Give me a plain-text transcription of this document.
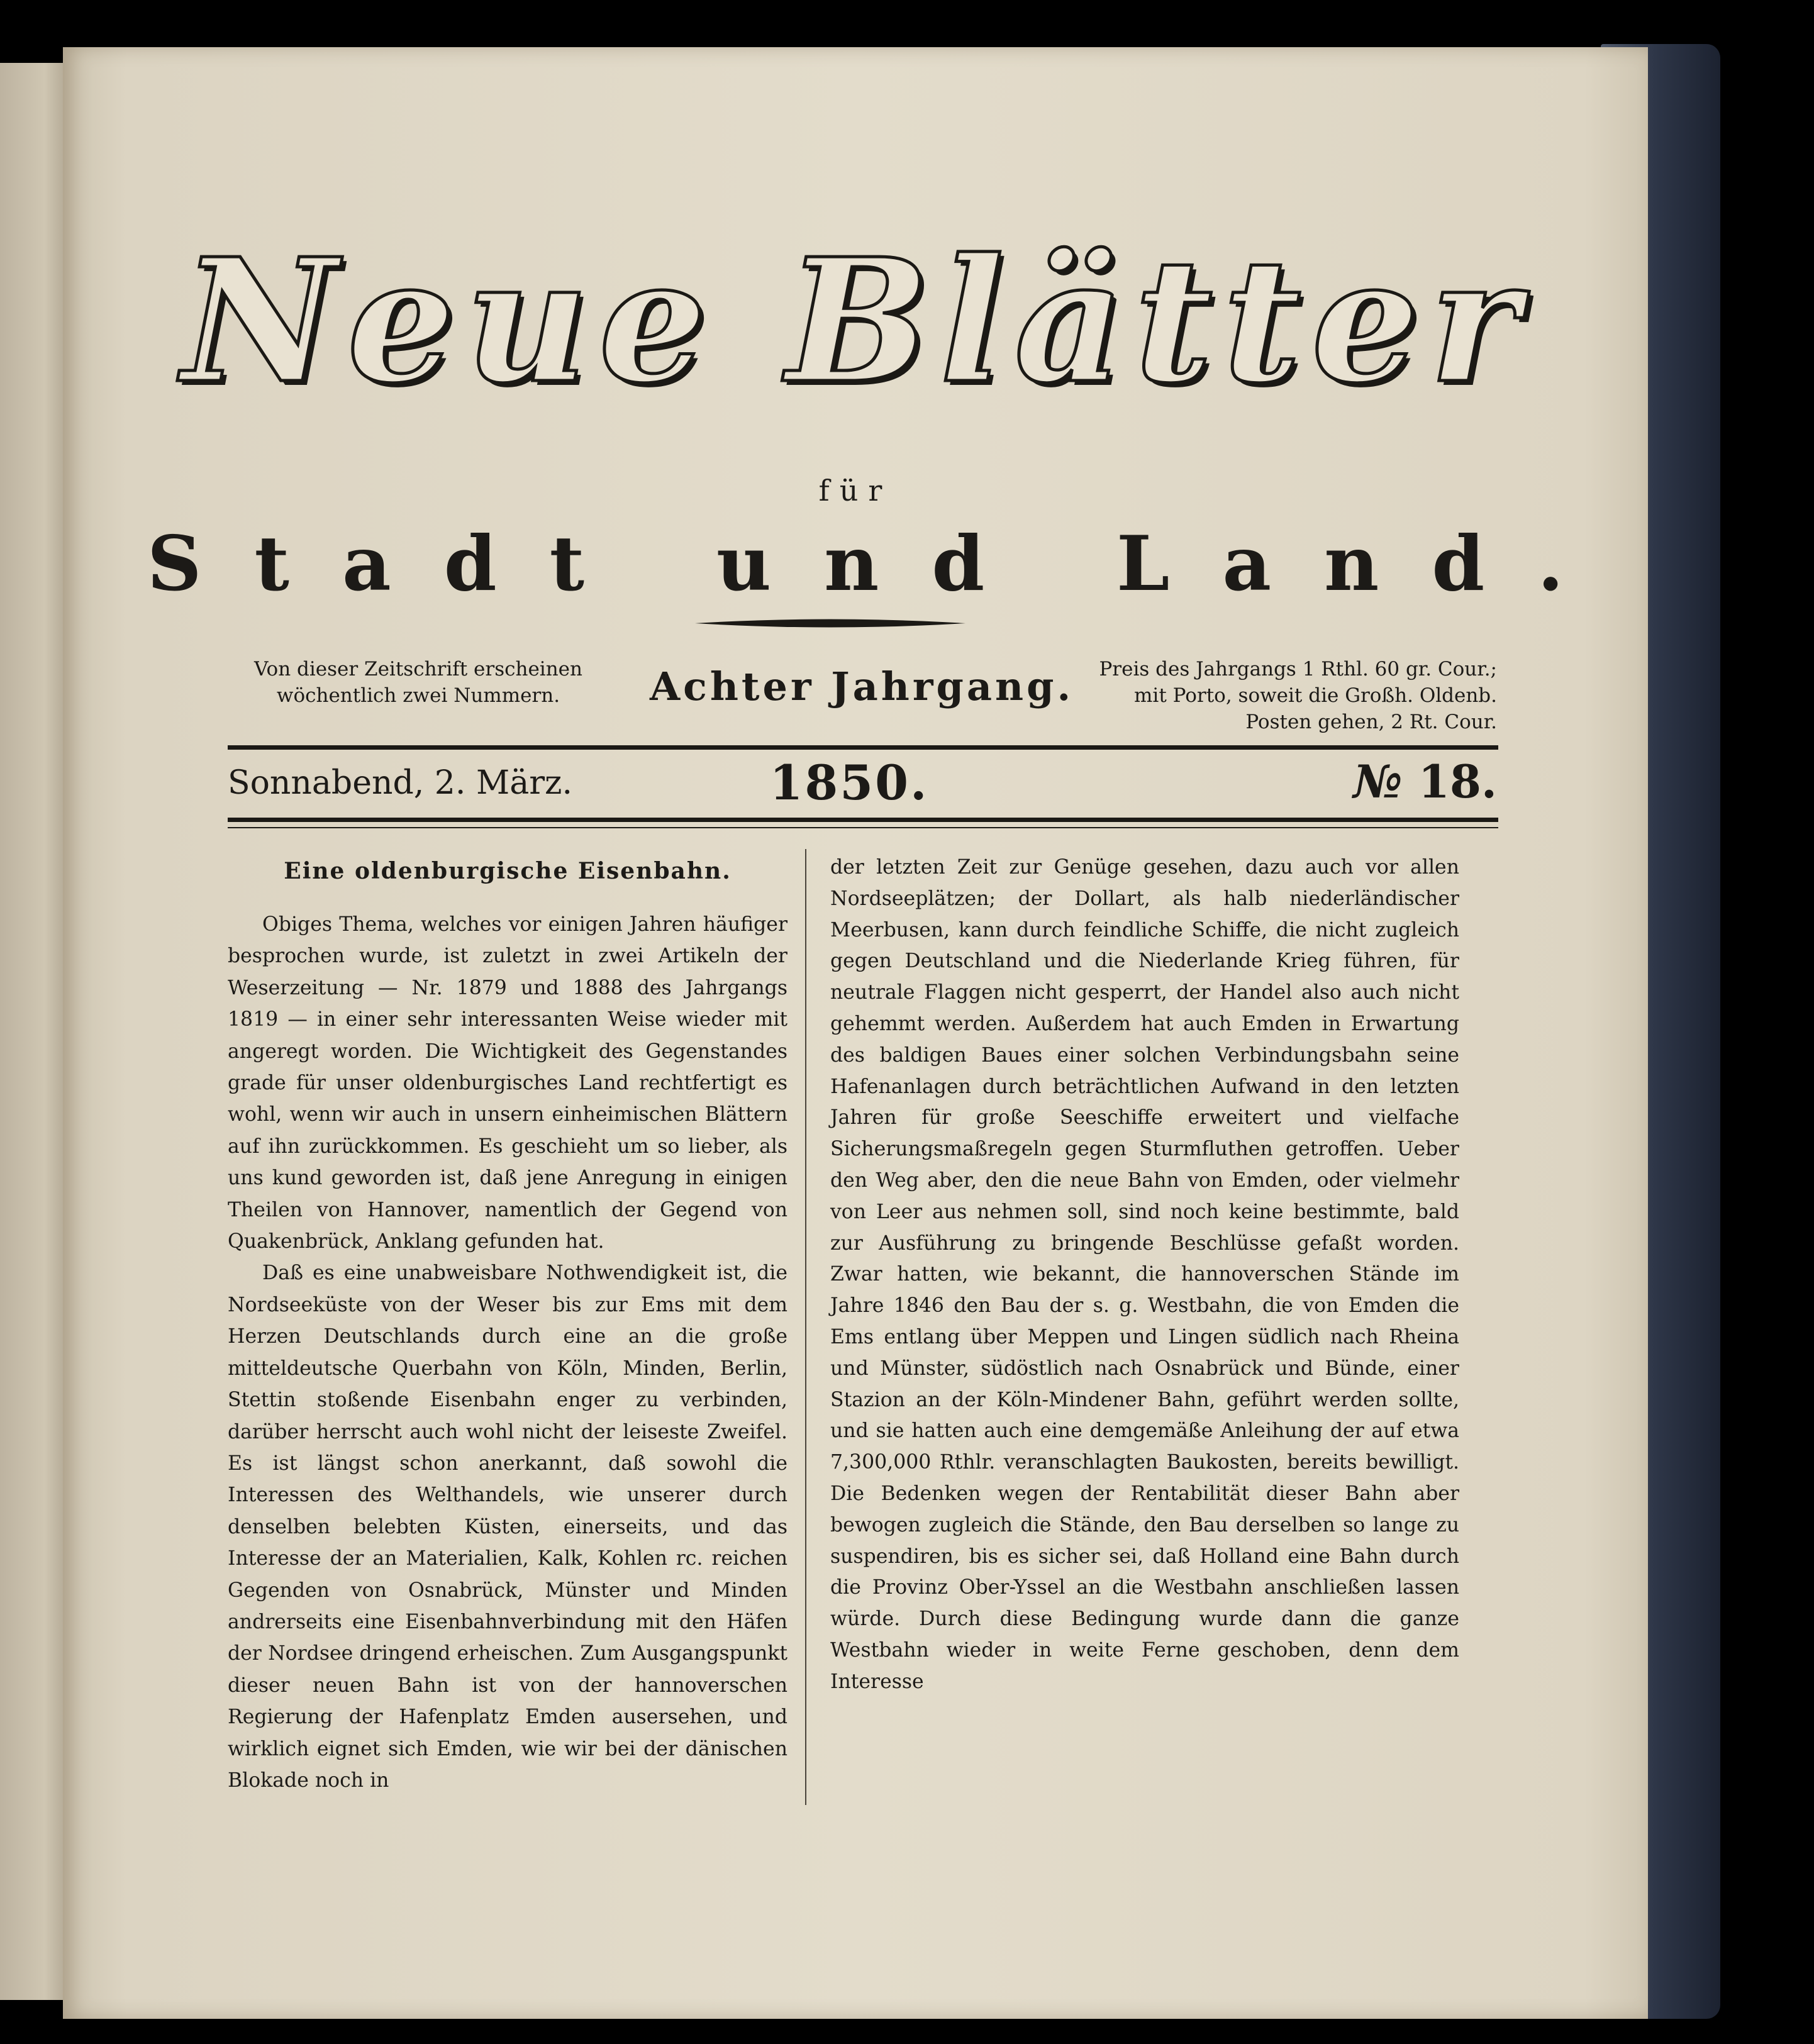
Neue Blätter
für
Stadt und Land.
Von dieser Zeitschrift erscheinen wöchentlich zwei Nummern.	Achter Jahrgang.	Preis des Jahrgangs 1 Rthl. 60 gr. Cour.; mit Porto, soweit die Großh. Oldenb. Posten gehen, 2 Rt. Cour.
Sonnabend, 2. März.	1850.	№ 18.
Eine oldenburgische Eisenbahn.

Obiges Thema, welches vor einigen Jahren häufiger besprochen wurde, ist zuletzt in zwei Artikeln der Weserzeitung — Nr. 1879 und 1888 des Jahrgangs 1819 — in einer sehr interessanten Weise wieder mit angeregt worden. Die Wichtigkeit des Gegenstandes grade für unser oldenburgisches Land rechtfertigt es wohl, wenn wir auch in unsern einheimischen Blättern auf ihn zurückkommen. Es geschieht um so lieber, als uns kund geworden ist, daß jene Anregung in einigen Theilen von Hannover, namentlich der Gegend von Quakenbrück, Anklang gefunden hat.

Daß es eine unabweisbare Nothwendigkeit ist, die Nordseeküste von der Weser bis zur Ems mit dem Herzen Deutschlands durch eine an die große mitteldeutsche Querbahn von Köln, Minden, Berlin, Stettin stoßende Eisenbahn enger zu verbinden, darüber herrscht auch wohl nicht der leiseste Zweifel. Es ist längst schon anerkannt, daß sowohl die Interessen des Welthandels, wie unserer durch denselben belebten Küsten, einerseits, und das Interesse der an Materialien, Kalk, Kohlen rc. reichen Gegenden von Osnabrück, Münster und Minden andrerseits eine Eisenbahnverbindung mit den Häfen der Nordsee dringend erheischen. Zum Ausgangspunkt dieser neuen Bahn ist von der hannoverschen Regierung der Hafenplatz Emden ausersehen, und wirklich eignet sich Emden, wie wir bei der dänischen Blokade noch in

der letzten Zeit zur Genüge gesehen, dazu auch vor allen Nordseeplätzen; der Dollart, als halb niederländischer Meerbusen, kann durch feindliche Schiffe, die nicht zugleich gegen Deutschland und die Niederlande Krieg führen, für neutrale Flaggen nicht gesperrt, der Handel also auch nicht gehemmt werden. Außerdem hat auch Emden in Erwartung des baldigen Baues einer solchen Verbindungsbahn seine Hafenanlagen durch beträchtlichen Aufwand in den letzten Jahren für große Seeschiffe erweitert und vielfache Sicherungsmaßregeln gegen Sturmfluthen getroffen. Ueber den Weg aber, den die neue Bahn von Emden, oder vielmehr von Leer aus nehmen soll, sind noch keine bestimmte, bald zur Ausführung zu bringende Beschlüsse gefaßt worden. Zwar hatten, wie bekannt, die hannoverschen Stände im Jahre 1846 den Bau der s. g. Westbahn, die von Emden die Ems entlang über Meppen und Lingen südlich nach Rheina und Münster, südöstlich nach Osnabrück und Bünde, einer Stazion an der Köln-Mindener Bahn, geführt werden sollte, und sie hatten auch eine demgemäße Anleihung der auf etwa 7,300,000 Rthlr. veranschlagten Baukosten, bereits bewilligt. Die Bedenken wegen der Rentabilität dieser Bahn aber bewogen zugleich die Stände, den Bau derselben so lange zu suspendiren, bis es sicher sei, daß Holland eine Bahn durch die Provinz Ober-Yssel an die Westbahn anschließen lassen würde. Durch diese Bedingung wurde dann die ganze Westbahn wieder in weite Ferne geschoben, denn dem Interesse
